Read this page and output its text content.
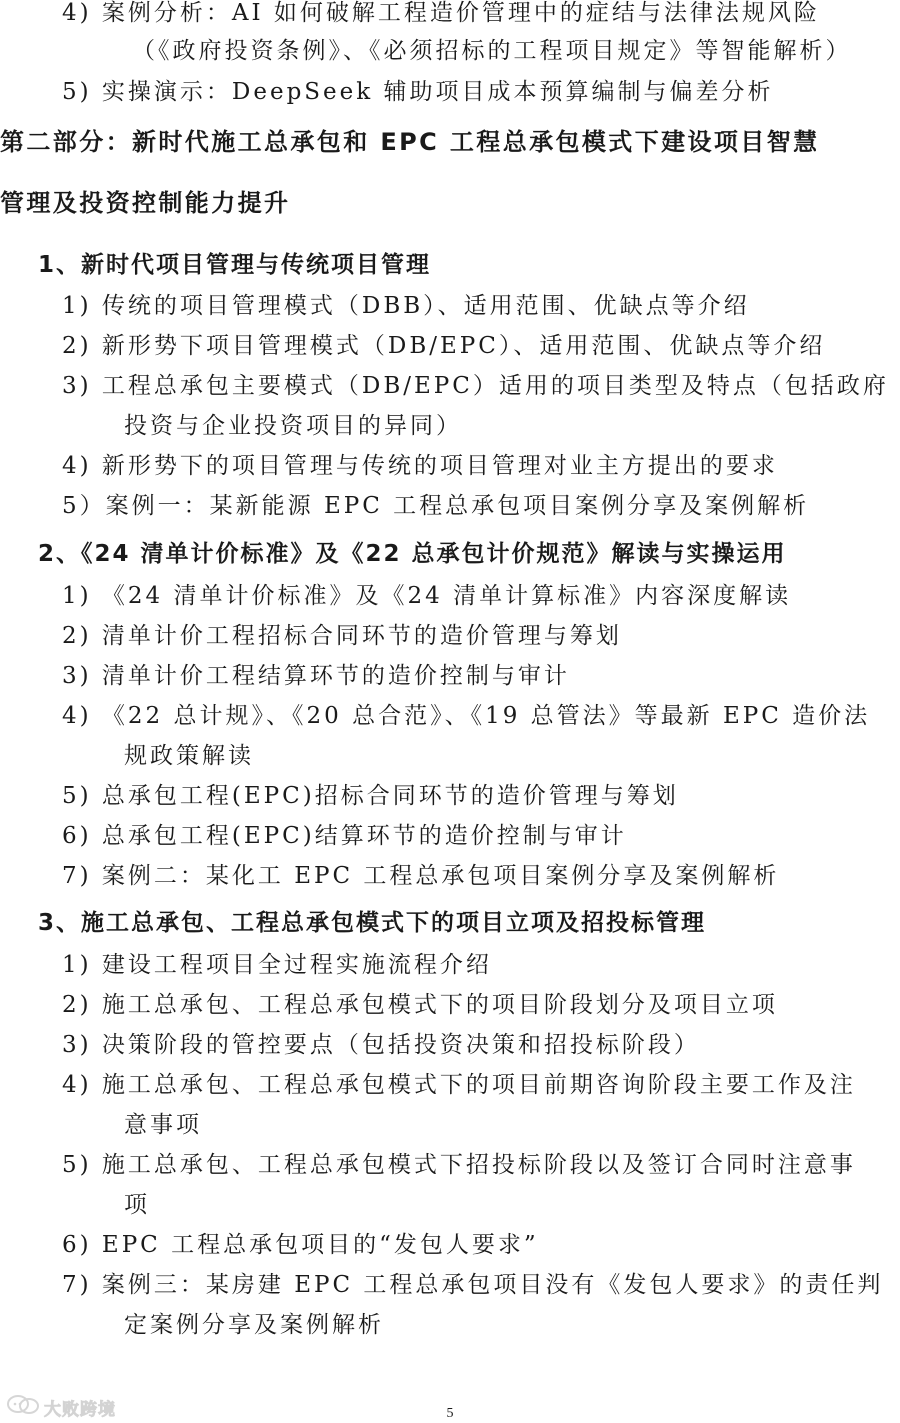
4) 案例分析：AI 如何破解工程造价管理中的症结与法律法规风险
（《政府投资条例》、《必须招标的工程项目规定》等智能解析）
5) 实操演示：DeepSeek 辅助项目成本预算编制与偏差分析
第二部分：新时代施工总承包和 EPC 工程总承包模式下建设项目智慧
管理及投资控制能力提升
1、新时代项目管理与传统项目管理
1) 传统的项目管理模式（DBB）、适用范围、优缺点等介绍
2) 新形势下项目管理模式（DB/EPC）、适用范围、优缺点等介绍
3) 工程总承包主要模式（DB/EPC）适用的项目类型及特点（包括政府
投资与企业投资项目的异同）
4) 新形势下的项目管理与传统的项目管理对业主方提出的要求
5）案例一：某新能源 EPC 工程总承包项目案例分享及案例解析
2、《24 清单计价标准》及《22 总承包计价规范》解读与实操运用
1) 《24 清单计价标准》及《24 清单计算标准》内容深度解读
2) 清单计价工程招标合同环节的造价管理与筹划
3) 清单计价工程结算环节的造价控制与审计
4) 《22 总计规》、《20 总合范》、《19 总管法》等最新 EPC 造价法
规政策解读
5) 总承包工程(EPC)招标合同环节的造价管理与筹划
6) 总承包工程(EPC)结算环节的造价控制与审计
7) 案例二：某化工 EPC 工程总承包项目案例分享及案例解析
3、施工总承包、工程总承包模式下的项目立项及招投标管理
1) 建设工程项目全过程实施流程介绍
2) 施工总承包、工程总承包模式下的项目阶段划分及项目立项
3) 决策阶段的管控要点（包括投资决策和招投标阶段）
4) 施工总承包、工程总承包模式下的项目前期咨询阶段主要工作及注
意事项
5) 施工总承包、工程总承包模式下招投标阶段以及签订合同时注意事
项
6) EPC 工程总承包项目的“发包人要求”
7) 案例三：某房建 EPC 工程总承包项目没有《发包人要求》的责任判
定案例分享及案例解析
大败跨境	5
